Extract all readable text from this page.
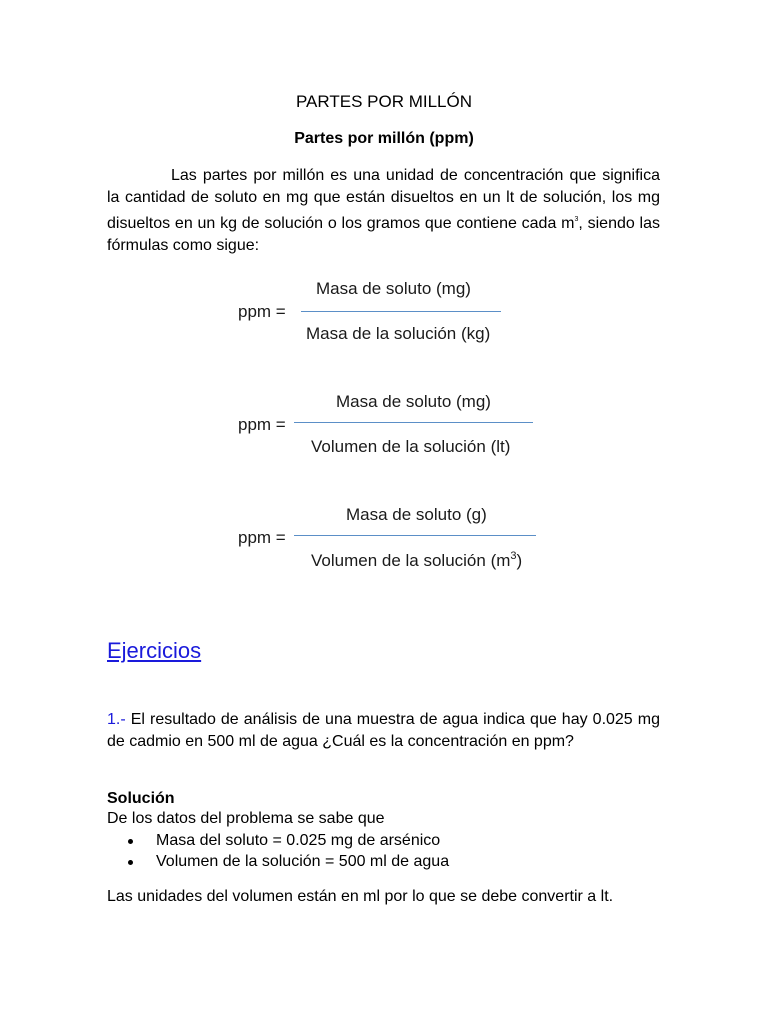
PARTES POR MILLÓN
Partes por millón (ppm)
Las partes por millón es una unidad de concentración que significa la cantidad de soluto en mg que están disueltos en un lt de solución, los mg disueltos en un kg de solución o los gramos que contiene cada $m^3$, siendo las fórmulas como sigue:
ppm =
Masa de soluto (mg)
Masa de la solución (kg)
ppm =
Masa de soluto (mg)
Volumen de la solución (lt)
ppm =
Masa de soluto (g)
Volumen de la solución $(m^3)$
Ejercicios
1.- El resultado de análisis de una muestra de agua indica que hay 0.025 mg de cadmio en 500 ml de agua ¿Cuál es la concentración en ppm?
Solución
De los datos del problema se sabe que
Masa del soluto = 0.025 mg de arsénico
Volumen de la solución = 500 ml de agua
Las unidades del volumen están en ml por lo que se debe convertir a lt.
